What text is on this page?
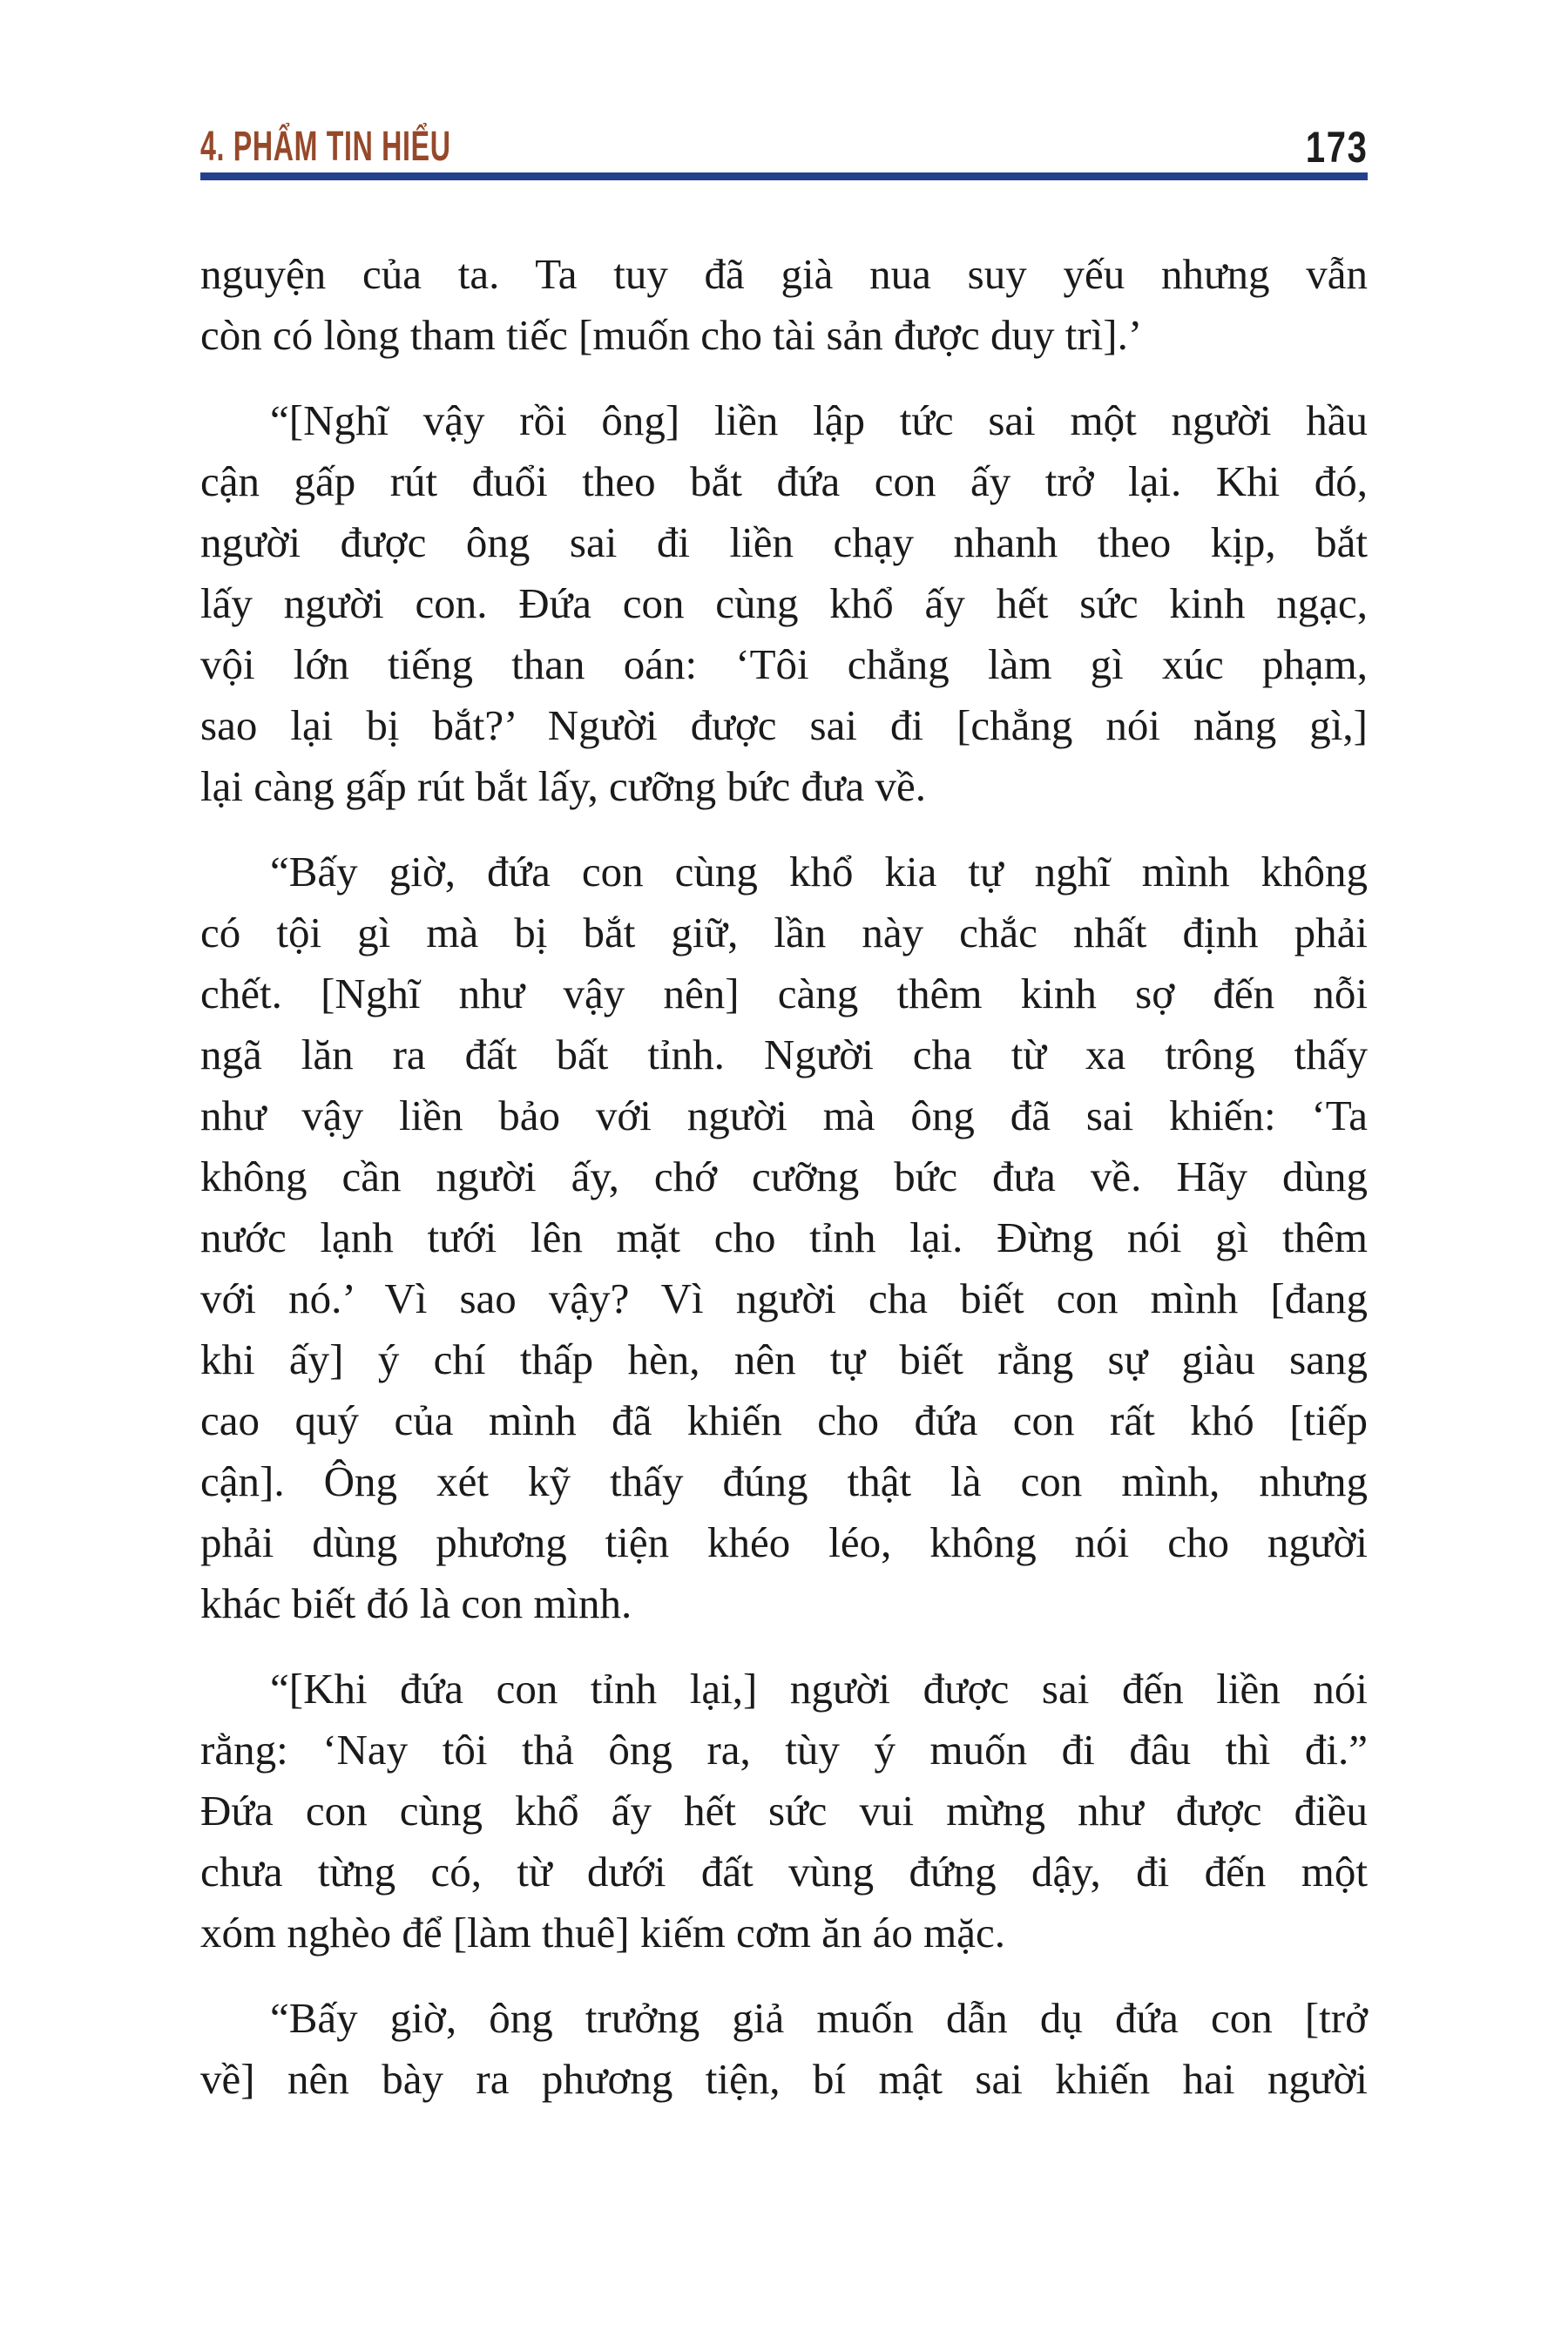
4. PHẨM TIN HIỂU	173
nguyện của ta. Ta tuy đã già nua suy yếu nhưng vẫn
còn có lòng tham tiếc [muốn cho tài sản được duy trì].’
“[Nghĩ vậy rồi ông] liền lập tức sai một người hầu
cận gấp rút đuổi theo bắt đứa con ấy trở lại. Khi đó,
người được ông sai đi liền chạy nhanh theo kịp, bắt
lấy người con. Đứa con cùng khổ ấy hết sức kinh ngạc,
vội lớn tiếng than oán: ‘Tôi chẳng làm gì xúc phạm,
sao lại bị bắt?’ Người được sai đi [chẳng nói năng gì,]
lại càng gấp rút bắt lấy, cưỡng bức đưa về.
“Bấy giờ, đứa con cùng khổ kia tự nghĩ mình không
có tội gì mà bị bắt giữ, lần này chắc nhất định phải
chết. [Nghĩ như vậy nên] càng thêm kinh sợ đến nỗi
ngã lăn ra đất bất tỉnh. Người cha từ xa trông thấy
như vậy liền bảo với người mà ông đã sai khiến: ‘Ta
không cần người ấy, chớ cưỡng bức đưa về. Hãy dùng
nước lạnh tưới lên mặt cho tỉnh lại. Đừng nói gì thêm
với nó.’ Vì sao vậy? Vì người cha biết con mình [đang
khi ấy] ý chí thấp hèn, nên tự biết rằng sự giàu sang
cao quý của mình đã khiến cho đứa con rất khó [tiếp
cận]. Ông xét kỹ thấy đúng thật là con mình, nhưng
phải dùng phương tiện khéo léo, không nói cho người
khác biết đó là con mình.
“[Khi đứa con tỉnh lại,] người được sai đến liền nói
rằng: ‘Nay tôi thả ông ra, tùy ý muốn đi đâu thì đi.”
Đứa con cùng khổ ấy hết sức vui mừng như được điều
chưa từng có, từ dưới đất vùng đứng dậy, đi đến một
xóm nghèo để [làm thuê] kiếm cơm ăn áo mặc.
“Bấy giờ, ông trưởng giả muốn dẫn dụ đứa con [trở
về] nên bày ra phương tiện, bí mật sai khiến hai người
